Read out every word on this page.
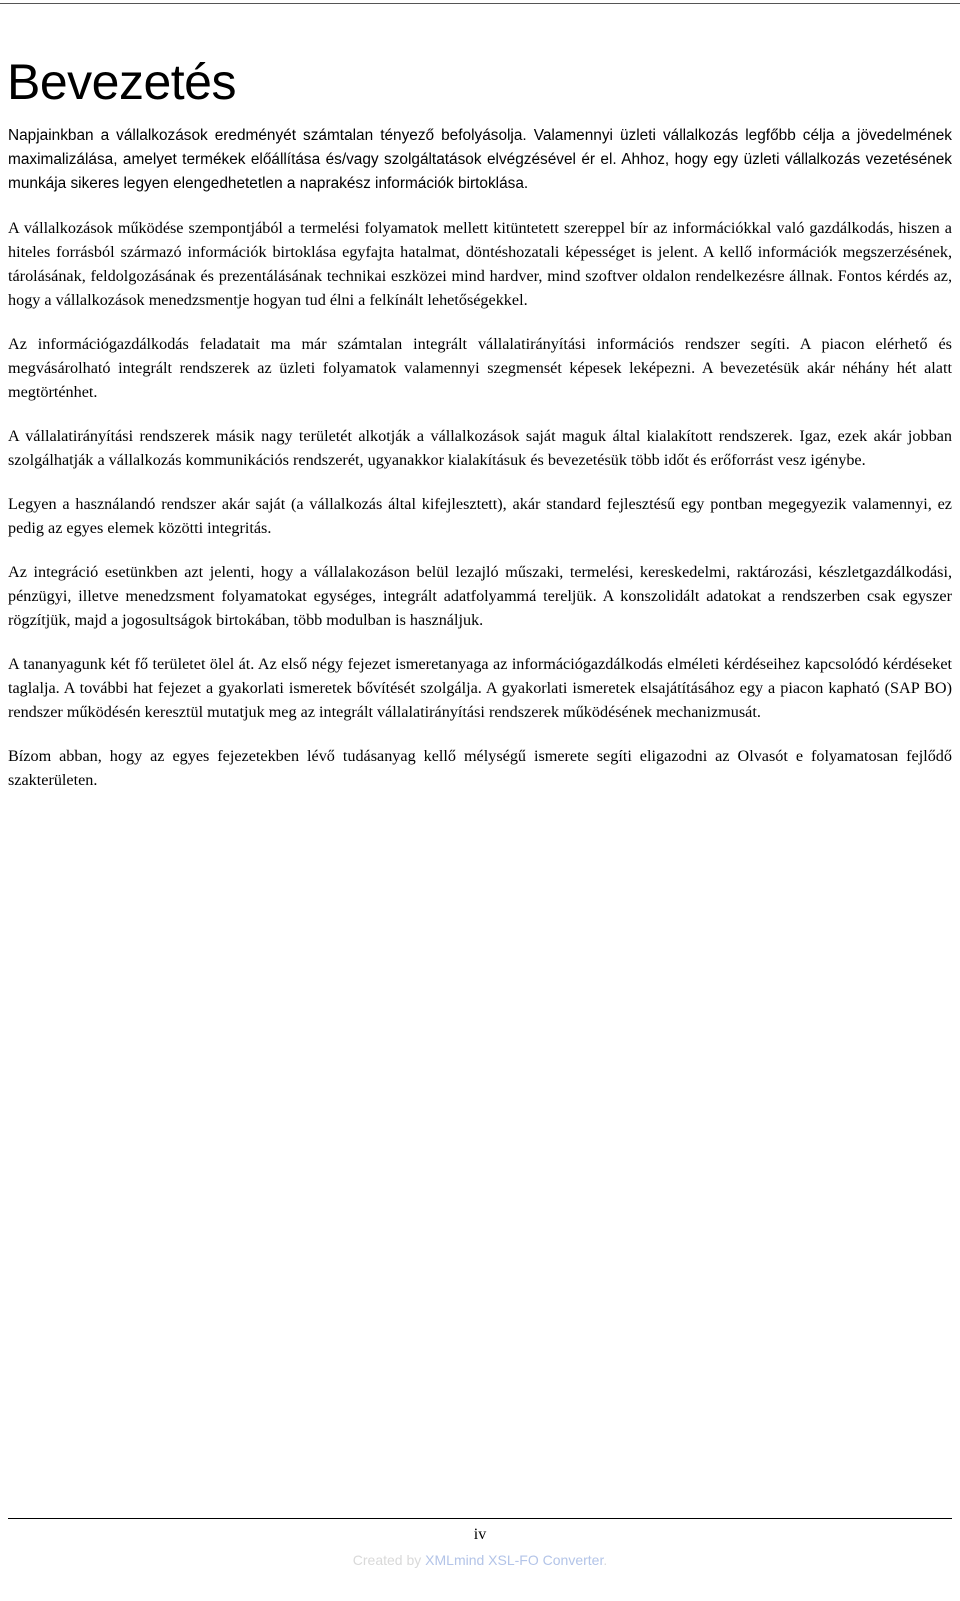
Bevezetés

Napjainkban a vállalkozások eredményét számtalan tényező befolyásolja. Valamennyi üzleti vállalkozás legfőbb célja a jövedelmének maximalizálása, amelyet termékek előállítása és/vagy szolgáltatások elvégzésével ér el. Ahhoz, hogy egy üzleti vállalkozás vezetésének munkája sikeres legyen elengedhetetlen a naprakész információk birtoklása.

A vállalkozások működése szempontjából a termelési folyamatok mellett kitüntetett szereppel bír az információkkal való gazdálkodás, hiszen a hiteles forrásból származó információk birtoklása egyfajta hatalmat, döntéshozatali képességet is jelent. A kellő információk megszerzésének, tárolásának, feldolgozásának és prezentálásának technikai eszközei mind hardver, mind szoftver oldalon rendelkezésre állnak. Fontos kérdés az, hogy a vállalkozások menedzsmentje hogyan tud élni a felkínált lehetőségekkel.

Az információgazdálkodás feladatait ma már számtalan integrált vállalatirányítási információs rendszer segíti. A piacon elérhető és megvásárolható integrált rendszerek az üzleti folyamatok valamennyi szegmensét képesek leképezni. A bevezetésük akár néhány hét alatt megtörténhet.

A vállalatirányítási rendszerek másik nagy területét alkotják a vállalkozások saját maguk által kialakított rendszerek. Igaz, ezek akár jobban szolgálhatják a vállalkozás kommunikációs rendszerét, ugyanakkor kialakításuk és bevezetésük több időt és erőforrást vesz igénybe.

Legyen a használandó rendszer akár saját (a vállalkozás által kifejlesztett), akár standard fejlesztésű egy pontban megegyezik valamennyi, ez pedig az egyes elemek közötti integritás.

Az integráció esetünkben azt jelenti, hogy a vállalakozáson belül lezajló műszaki, termelési, kereskedelmi, raktározási, készletgazdálkodási, pénzügyi, illetve menedzsment folyamatokat egységes, integrált adatfolyammá tereljük. A konszolidált adatokat a rendszerben csak egyszer rögzítjük, majd a jogosultságok birtokában, több modulban is használjuk.

A tananyagunk két fő területet ölel át. Az első négy fejezet ismeretanyaga az információgazdálkodás elméleti kérdéseihez kapcsolódó kérdéseket taglalja. A további hat fejezet a gyakorlati ismeretek bővítését szolgálja. A gyakorlati ismeretek elsajátításához egy a piacon kapható (SAP BO) rendszer működésén keresztül mutatjuk meg az integrált vállalatirányítási rendszerek működésének mechanizmusát.

Bízom abban, hogy az egyes fejezetekben lévő tudásanyag kellő mélységű ismerete segíti eligazodni az Olvasót e folyamatosan fejlődő szakterületen.

iv
Created by XMLmind XSL-FO Converter.
